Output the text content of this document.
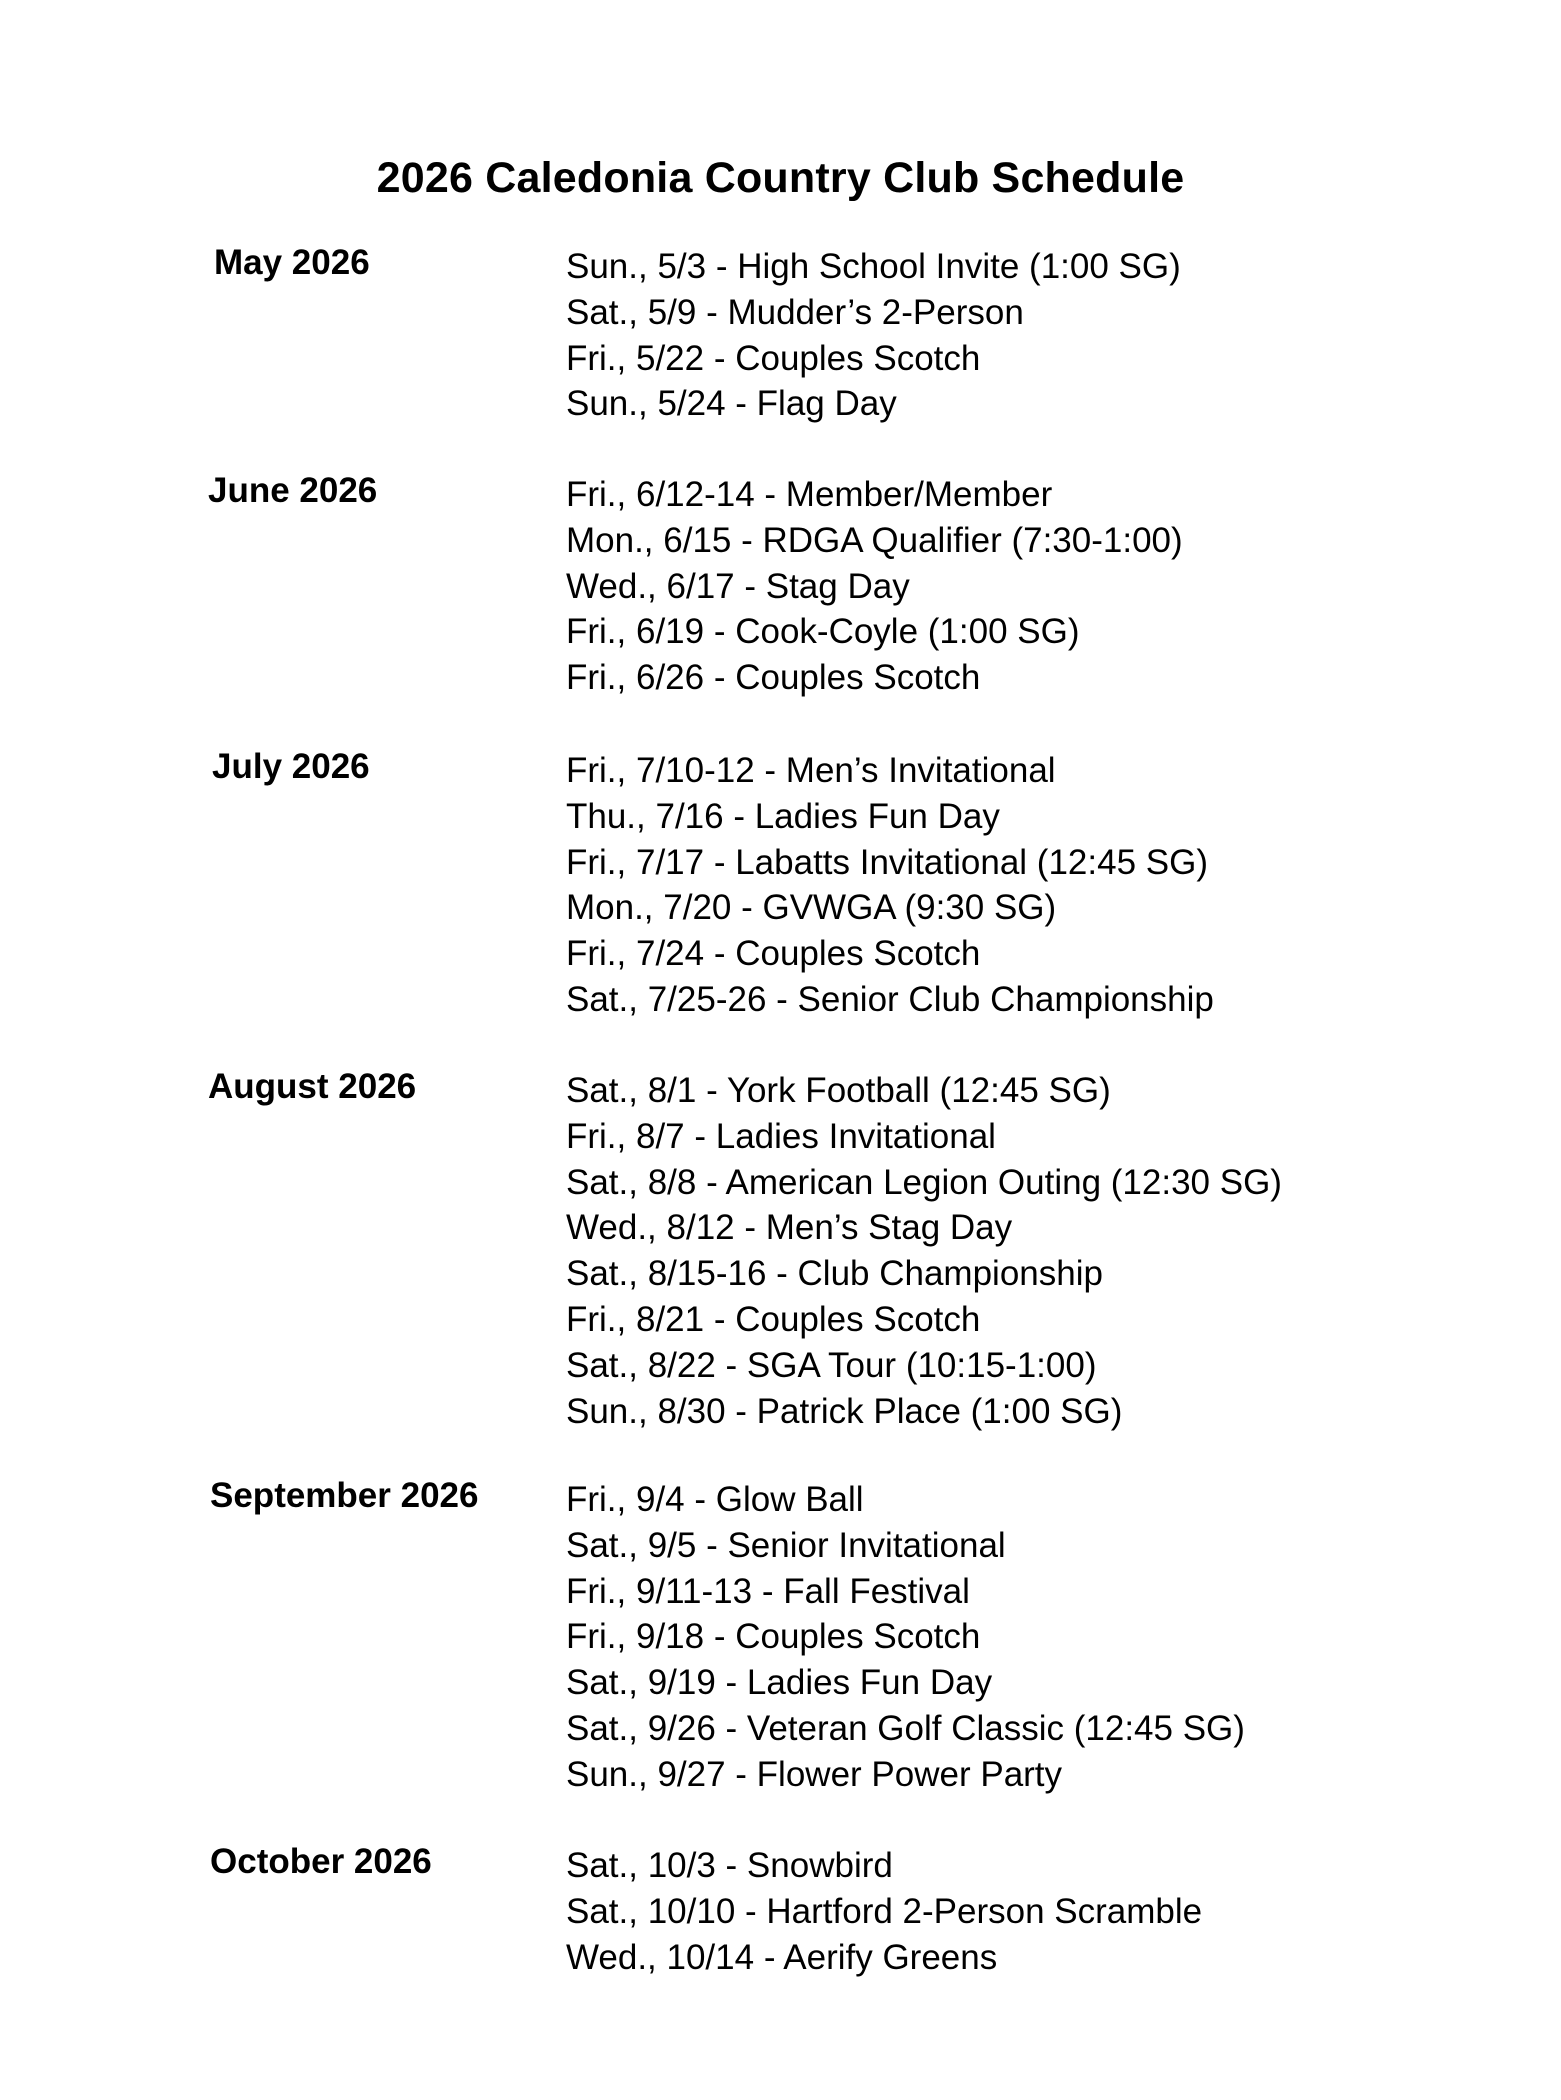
2026 Caledonia Country Club Schedule
May 2026	Sun., 5/3 - High School Invite (1:00 SG)
Sat., 5/9 - Mudder’s 2-Person
Fri., 5/22 - Couples Scotch
Sun., 5/24 - Flag Day
June 2026	Fri., 6/12-14 - Member/Member
Mon., 6/15 - RDGA Qualifier (7:30-1:00)
Wed., 6/17 - Stag Day
Fri., 6/19 - Cook-Coyle (1:00 SG)
Fri., 6/26 - Couples Scotch
July 2026	Fri., 7/10-12 - Men’s Invitational
Thu., 7/16 - Ladies Fun Day
Fri., 7/17 - Labatts Invitational (12:45 SG)
Mon., 7/20 - GVWGA (9:30 SG)
Fri., 7/24 - Couples Scotch
Sat., 7/25-26 - Senior Club Championship
August 2026	Sat., 8/1 - York Football (12:45 SG)
Fri., 8/7 - Ladies Invitational
Sat., 8/8 - American Legion Outing (12:30 SG)
Wed., 8/12 - Men’s Stag Day
Sat., 8/15-16 - Club Championship
Fri., 8/21 - Couples Scotch
Sat., 8/22 - SGA Tour (10:15-1:00)
Sun., 8/30 - Patrick Place (1:00 SG)
September 2026	Fri., 9/4 - Glow Ball
Sat., 9/5 - Senior Invitational
Fri., 9/11-13 - Fall Festival
Fri., 9/18 - Couples Scotch
Sat., 9/19 - Ladies Fun Day
Sat., 9/26 - Veteran Golf Classic (12:45 SG)
Sun., 9/27 - Flower Power Party
October 2026	Sat., 10/3 - Snowbird
Sat., 10/10 - Hartford 2-Person Scramble
Wed., 10/14 - Aerify Greens
